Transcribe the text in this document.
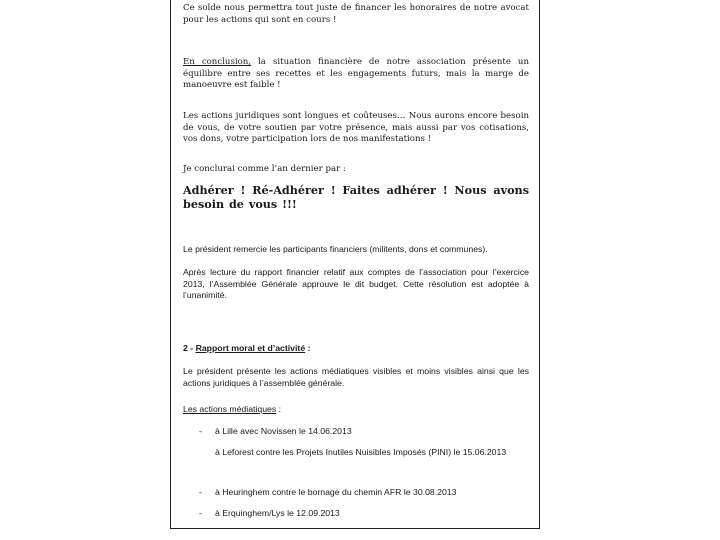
Ce solde nous permettra tout juste de financer les honoraires de notre avocat pour les actions qui sont en cours !

En conclusion, la situation financière de notre association présente un équilibre entre ses recettes et les engagements futurs, mais la marge de manoeuvre est faible !

Les actions juridiques sont longues et coûteuses… Nous aurons encore besoin de vous, de votre soutien par votre présence, mais aussi par vos cotisations, vos dons, votre participation lors de nos manifestations !

Je conclurai comme l’an dernier par :

Adhérer ! Ré-Adhérer ! Faites adhérer ! Nous avons besoin de vous !!!

Le président remercie les participants financiers (militents, dons et communes).

Après lecture du rapport financier relatif aux comptes de l’association pour l’exercice 2013, l’Assemblée Générale approuve le dit budget. Cette résolution est adoptée à l’unanimité.

2 - Rapport moral et d’activité :

Le président présente les actions médiatiques visibles et moins visibles ainsi que les actions juridiques à l’assemblée générale.

Les actions médiatiques :

- à Lille avec Novissen le 14.06.2013

à Leforest contre les Projets Inutiles Nuisibles Imposés (PINI) le 15.06.2013

- à Heuringhem contre le bornage du chemin AFR le 30.08.2013

- à Erquinghem/Lys le 12.09.2013
